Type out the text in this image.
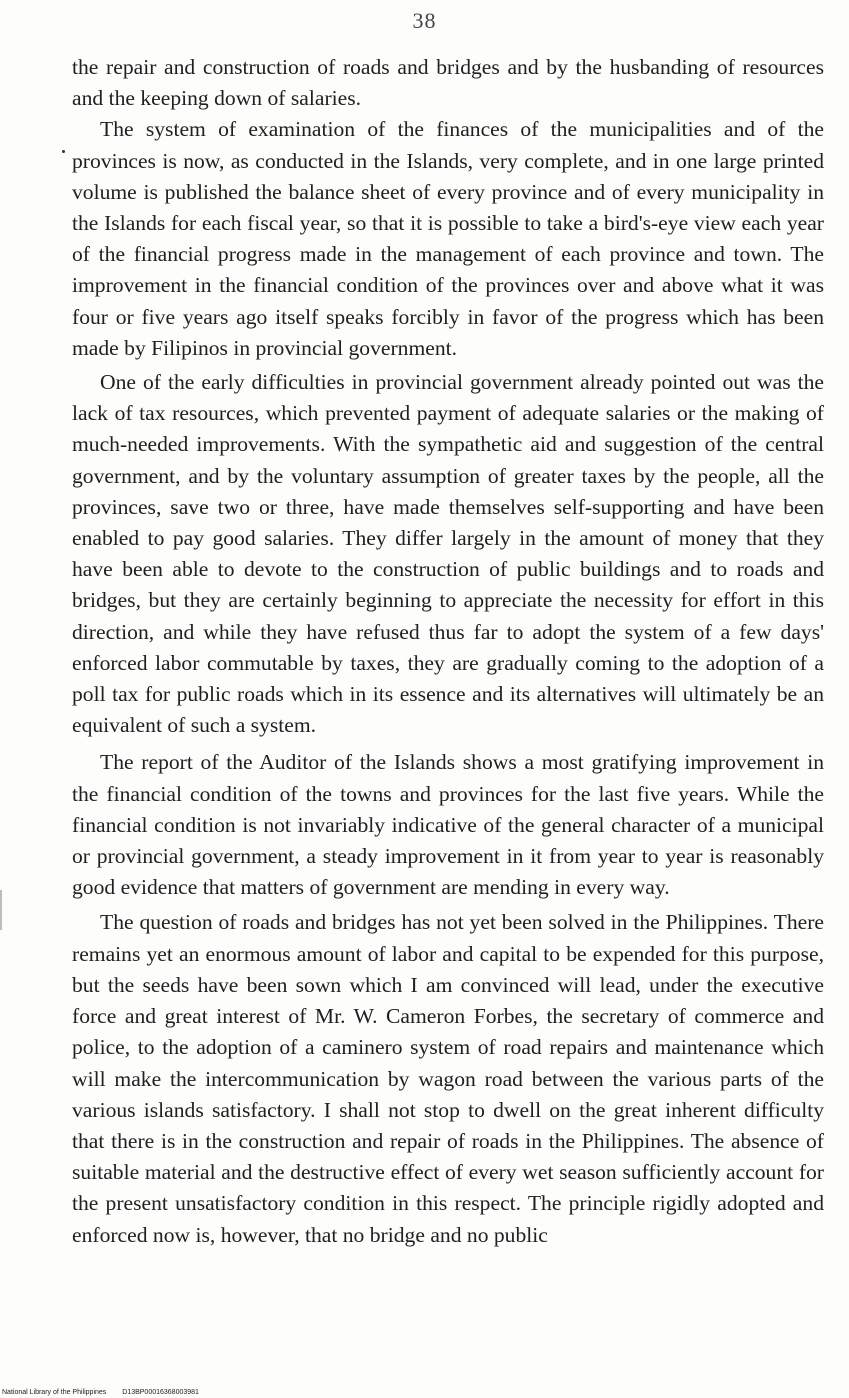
38

the repair and construction of roads and bridges and by the husbanding of resources and the keeping down of salaries.

The system of examination of the finances of the municipalities and of the provinces is now, as conducted in the Islands, very complete, and in one large printed volume is published the balance sheet of every province and of every municipality in the Islands for each fiscal year, so that it is possible to take a bird's-eye view each year of the financial progress made in the management of each province and town. The improvement in the financial condition of the provinces over and above what it was four or five years ago itself speaks forcibly in favor of the progress which has been made by Filipinos in provincial government.

One of the early difficulties in provincial government already pointed out was the lack of tax resources, which prevented payment of adequate salaries or the making of much-needed improvements. With the sympathetic aid and suggestion of the central government, and by the voluntary assumption of greater taxes by the people, all the provinces, save two or three, have made themselves self-supporting and have been enabled to pay good salaries. They differ largely in the amount of money that they have been able to devote to the construction of public buildings and to roads and bridges, but they are certainly beginning to appreciate the necessity for effort in this direction, and while they have refused thus far to adopt the system of a few days' enforced labor commutable by taxes, they are gradually coming to the adoption of a poll tax for public roads which in its essence and its alternatives will ultimately be an equivalent of such a system.

The report of the Auditor of the Islands shows a most gratifying improvement in the financial condition of the towns and provinces for the last five years. While the financial condition is not invariably indicative of the general character of a municipal or provincial government, a steady improvement in it from year to year is reasonably good evidence that matters of government are mending in every way.

The question of roads and bridges has not yet been solved in the Philippines. There remains yet an enormous amount of labor and capital to be expended for this purpose, but the seeds have been sown which I am convinced will lead, under the executive force and great interest of Mr. W. Cameron Forbes, the secretary of commerce and police, to the adoption of a caminero system of road repairs and maintenance which will make the intercommunication by wagon road between the various parts of the various islands satisfactory. I shall not stop to dwell on the great inherent difficulty that there is in the construction and repair of roads in the Philippines. The absence of suitable material and the destructive effect of every wet season sufficiently account for the present unsatisfactory condition in this respect. The principle rigidly adopted and enforced now is, however, that no bridge and no public

National Library of the Philippines D13BP00016368003981
